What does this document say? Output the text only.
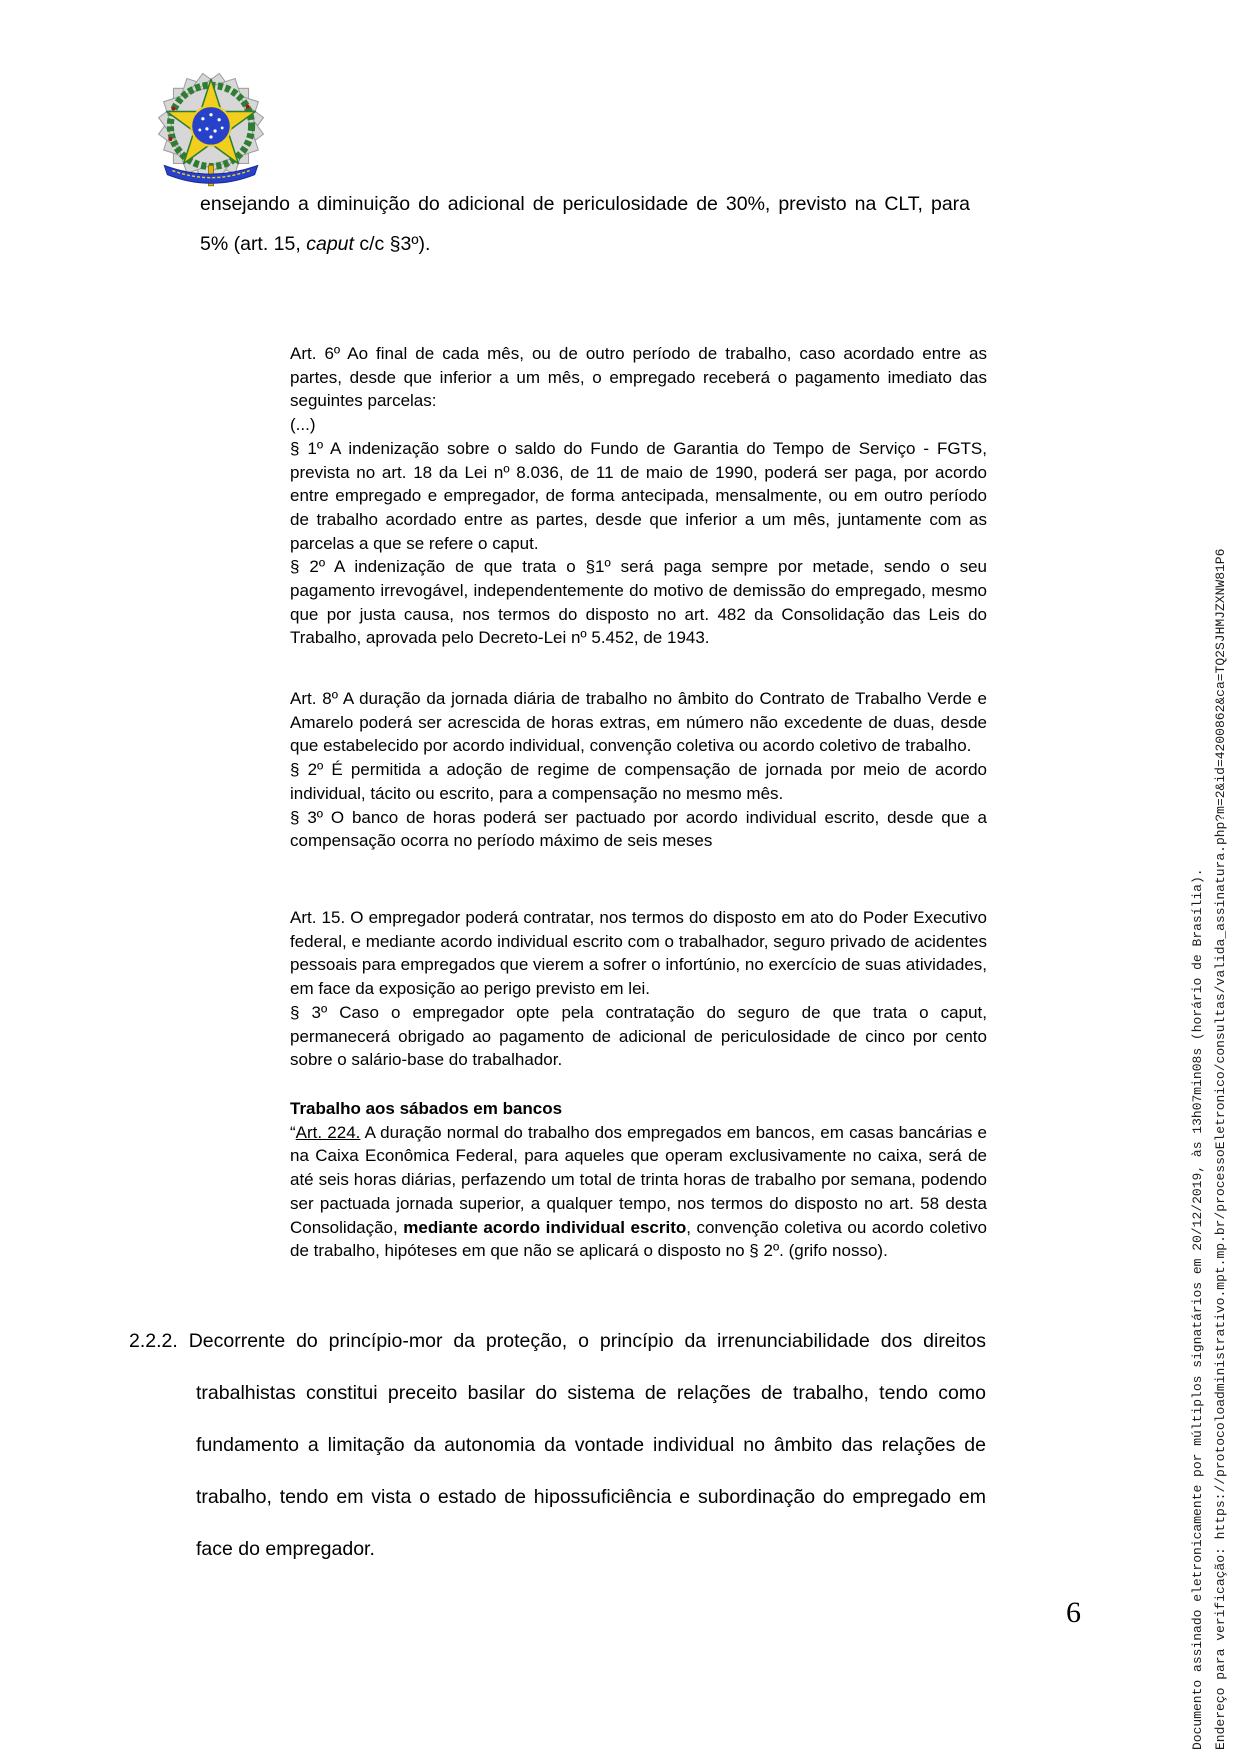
ensejando a diminuição do adicional de periculosidade de 30%, previsto na CLT, para 5% (art. 15, caput c/c §3º).

Art. 6º Ao final de cada mês, ou de outro período de trabalho, caso acordado entre as partes, desde que inferior a um mês, o empregado receberá o pagamento imediato das seguintes parcelas:

(...)

§ 1º A indenização sobre o saldo do Fundo de Garantia do Tempo de Serviço - FGTS, prevista no art. 18 da Lei nº 8.036, de 11 de maio de 1990, poderá ser paga, por acordo entre empregado e empregador, de forma antecipada, mensalmente, ou em outro período de trabalho acordado entre as partes, desde que inferior a um mês, juntamente com as parcelas a que se refere o caput.

§ 2º A indenização de que trata o §1º será paga sempre por metade, sendo o seu pagamento irrevogável, independentemente do motivo de demissão do empregado, mesmo que por justa causa, nos termos do disposto no art. 482 da Consolidação das Leis do Trabalho, aprovada pelo Decreto-Lei nº 5.452, de 1943.

Art. 8º A duração da jornada diária de trabalho no âmbito do Contrato de Trabalho Verde e Amarelo poderá ser acrescida de horas extras, em número não excedente de duas, desde que estabelecido por acordo individual, convenção coletiva ou acordo coletivo de trabalho.

§ 2º É permitida a adoção de regime de compensação de jornada por meio de acordo individual, tácito ou escrito, para a compensação no mesmo mês.

§ 3º O banco de horas poderá ser pactuado por acordo individual escrito, desde que a compensação ocorra no período máximo de seis meses

Art. 15. O empregador poderá contratar, nos termos do disposto em ato do Poder Executivo federal, e mediante acordo individual escrito com o trabalhador, seguro privado de acidentes pessoais para empregados que vierem a sofrer o infortúnio, no exercício de suas atividades, em face da exposição ao perigo previsto em lei.

§ 3º Caso o empregador opte pela contratação do seguro de que trata o caput, permanecerá obrigado ao pagamento de adicional de periculosidade de cinco por cento sobre o salário-base do trabalhador.

Trabalho aos sábados em bancos

“Art. 224. A duração normal do trabalho dos empregados em bancos, em casas bancárias e na Caixa Econômica Federal, para aqueles que operam exclusivamente no caixa, será de até seis horas diárias, perfazendo um total de trinta horas de trabalho por semana, podendo ser pactuada jornada superior, a qualquer tempo, nos termos do disposto no art. 58 desta Consolidação, mediante acordo individual escrito, convenção coletiva ou acordo coletivo de trabalho, hipóteses em que não se aplicará o disposto no § 2º. (grifo nosso).

2.2.2. Decorrente do princípio-mor da proteção, o princípio da irrenunciabilidade dos direitos trabalhistas constitui preceito basilar do sistema de relações de trabalho, tendo como fundamento a limitação da autonomia da vontade individual no âmbito das relações de trabalho, tendo em vista o estado de hipossuficiência e subordinação do empregado em face do empregador.

6	Documento assinado eletronicamente por múltiplos signatários em 20/12/2019, às 13h07min08s (horário de Brasília). Endereço para verificação: https://protocoloadministrativo.mpt.mp.br/processoEletronico/consultas/valida_assinatura.php?m=2&id=4200862&ca=TQ2SJHMJZXNW81P6
